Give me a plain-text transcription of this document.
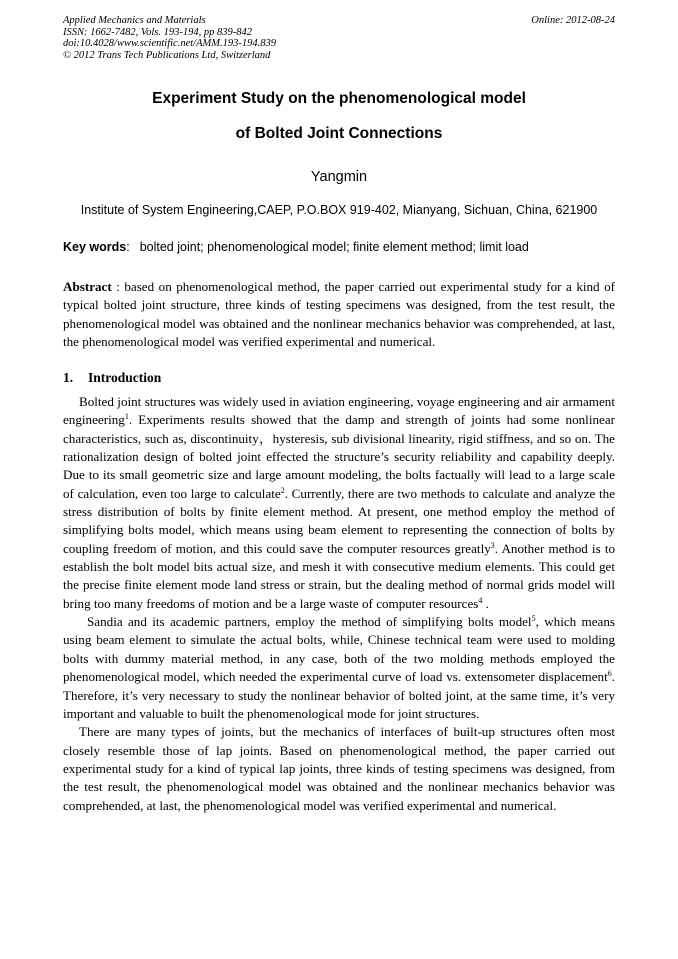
Applied Mechanics and Materials
ISSN: 1662-7482, Vols. 193-194, pp 839-842
doi:10.4028/www.scientific.net/AMM.193-194.839
© 2012 Trans Tech Publications Ltd, Switzerland
Online: 2012-08-24
Experiment Study on the phenomenological model
of Bolted Joint Connections
Yangmin
Institute of System Engineering,CAEP, P.O.BOX 919-402, Mianyang, Sichuan, China, 621900
Key words: bolted joint; phenomenological model; finite element method; limit load
Abstract : based on phenomenological method, the paper carried out experimental study for a kind of typical bolted joint structure, three kinds of testing specimens was designed, from the test result, the phenomenological model was obtained and the nonlinear mechanics behavior was comprehended, at last, the phenomenological model was verified experimental and numerical.
1. Introduction

Bolted joint structures was widely used in aviation engineering, voyage engineering and air armament engineering$^1$. Experiments results showed that the damp and strength of joints had some nonlinear characteristics, such as, discontinuity，hysteresis, sub divisional linearity, rigid stiffness, and so on. The rationalization design of bolted joint effected the structure’s security reliability and capability deeply. Due to its small geometric size and large amount modeling, the bolts factually will lead to a large scale of calculation, even too large to calculate$^2$. Currently, there are two methods to calculate and analyze the stress distribution of bolts by finite element method. At present, one method employ the method of simplifying bolts model, which means using beam element to representing the connection of bolts by coupling freedom of motion, and this could save the computer resources greatly$^3$. Another method is to establish the bolt model bits actual size, and mesh it with consecutive medium elements. This could get the precise finite element mode land stress or strain, but the dealing method of normal grids model will bring too many freedoms of motion and be a large waste of computer resources$^4$ .

Sandia and its academic partners, employ the method of simplifying bolts model$^5$, which means using beam element to simulate the actual bolts, while, Chinese technical team were used to molding bolts with dummy material method, in any case, both of the two molding methods employed the phenomenological model, which needed the experimental curve of load vs. extensometer displacement$^6$. Therefore, it’s very necessary to study the nonlinear behavior of bolted joint, at the same time, it’s very important and valuable to built the phenomenological mode for joint structures.

There are many types of joints, but the mechanics of interfaces of built-up structures often most closely resemble those of lap joints. Based on phenomenological method, the paper carried out experimental study for a kind of typical lap joints, three kinds of testing specimens was designed, from the test result, the phenomenological model was obtained and the nonlinear mechanics behavior was comprehended, at last, the phenomenological model was verified experimental and numerical.
